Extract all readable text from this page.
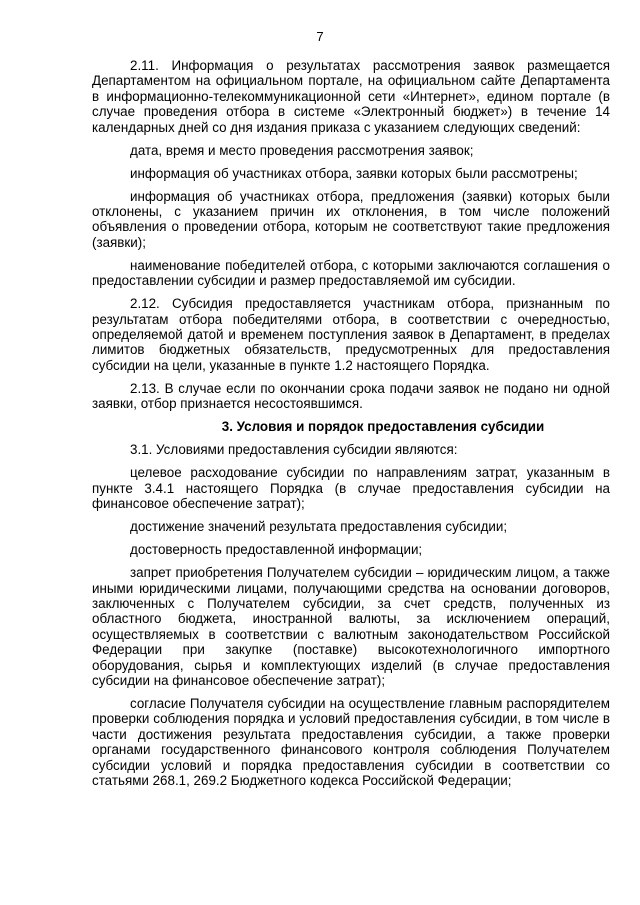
7

2.11. Информация о результатах рассмотрения заявок размещается Департаментом на официальном портале, на официальном сайте Департамента в информационно-телекоммуникационной сети «Интернет», едином портале (в случае проведения отбора в системе «Электронный бюджет») в течение 14 календарных дней со дня издания приказа с указанием следующих сведений:

дата, время и место проведения рассмотрения заявок;

информация об участниках отбора, заявки которых были рассмотрены;

информация об участниках отбора, предложения (заявки) которых были отклонены, с указанием причин их отклонения, в том числе положений объявления о проведении отбора, которым не соответствуют такие предложения (заявки);

наименование победителей отбора, с которыми заключаются соглашения о предоставлении субсидии и размер предоставляемой им субсидии.

2.12. Субсидия предоставляется участникам отбора, признанным по результатам отбора победителями отбора, в соответствии с очередностью, определяемой датой и временем поступления заявок в Департамент, в пределах лимитов бюджетных обязательств, предусмотренных для предоставления субсидии на цели, указанные в пункте 1.2 настоящего Порядка.

2.13. В случае если по окончании срока подачи заявок не подано ни одной заявки, отбор признается несостоявшимся.

3. Условия и порядок предоставления субсидии

3.1. Условиями предоставления субсидии являются:

целевое расходование субсидии по направлениям затрат, указанным в пункте 3.4.1 настоящего Порядка (в случае предоставления субсидии на финансовое обеспечение затрат);

достижение значений результата предоставления субсидии;

достоверность предоставленной информации;

запрет приобретения Получателем субсидии – юридическим лицом, а также иными юридическими лицами, получающими средства на основании договоров, заключенных с Получателем субсидии, за счет средств, полученных из областного бюджета, иностранной валюты, за исключением операций, осуществляемых в соответствии с валютным законодательством Российской Федерации при закупке (поставке) высокотехнологичного импортного оборудования, сырья и комплектующих изделий (в случае предоставления субсидии на финансовое обеспечение затрат);

согласие Получателя субсидии на осуществление главным распорядителем проверки соблюдения порядка и условий предоставления субсидии, в том числе в части достижения результата предоставления субсидии, а также проверки органами государственного финансового контроля соблюдения Получателем субсидии условий и порядка предоставления субсидии в соответствии со статьями 268.1, 269.2 Бюджетного кодекса Российской Федерации;
